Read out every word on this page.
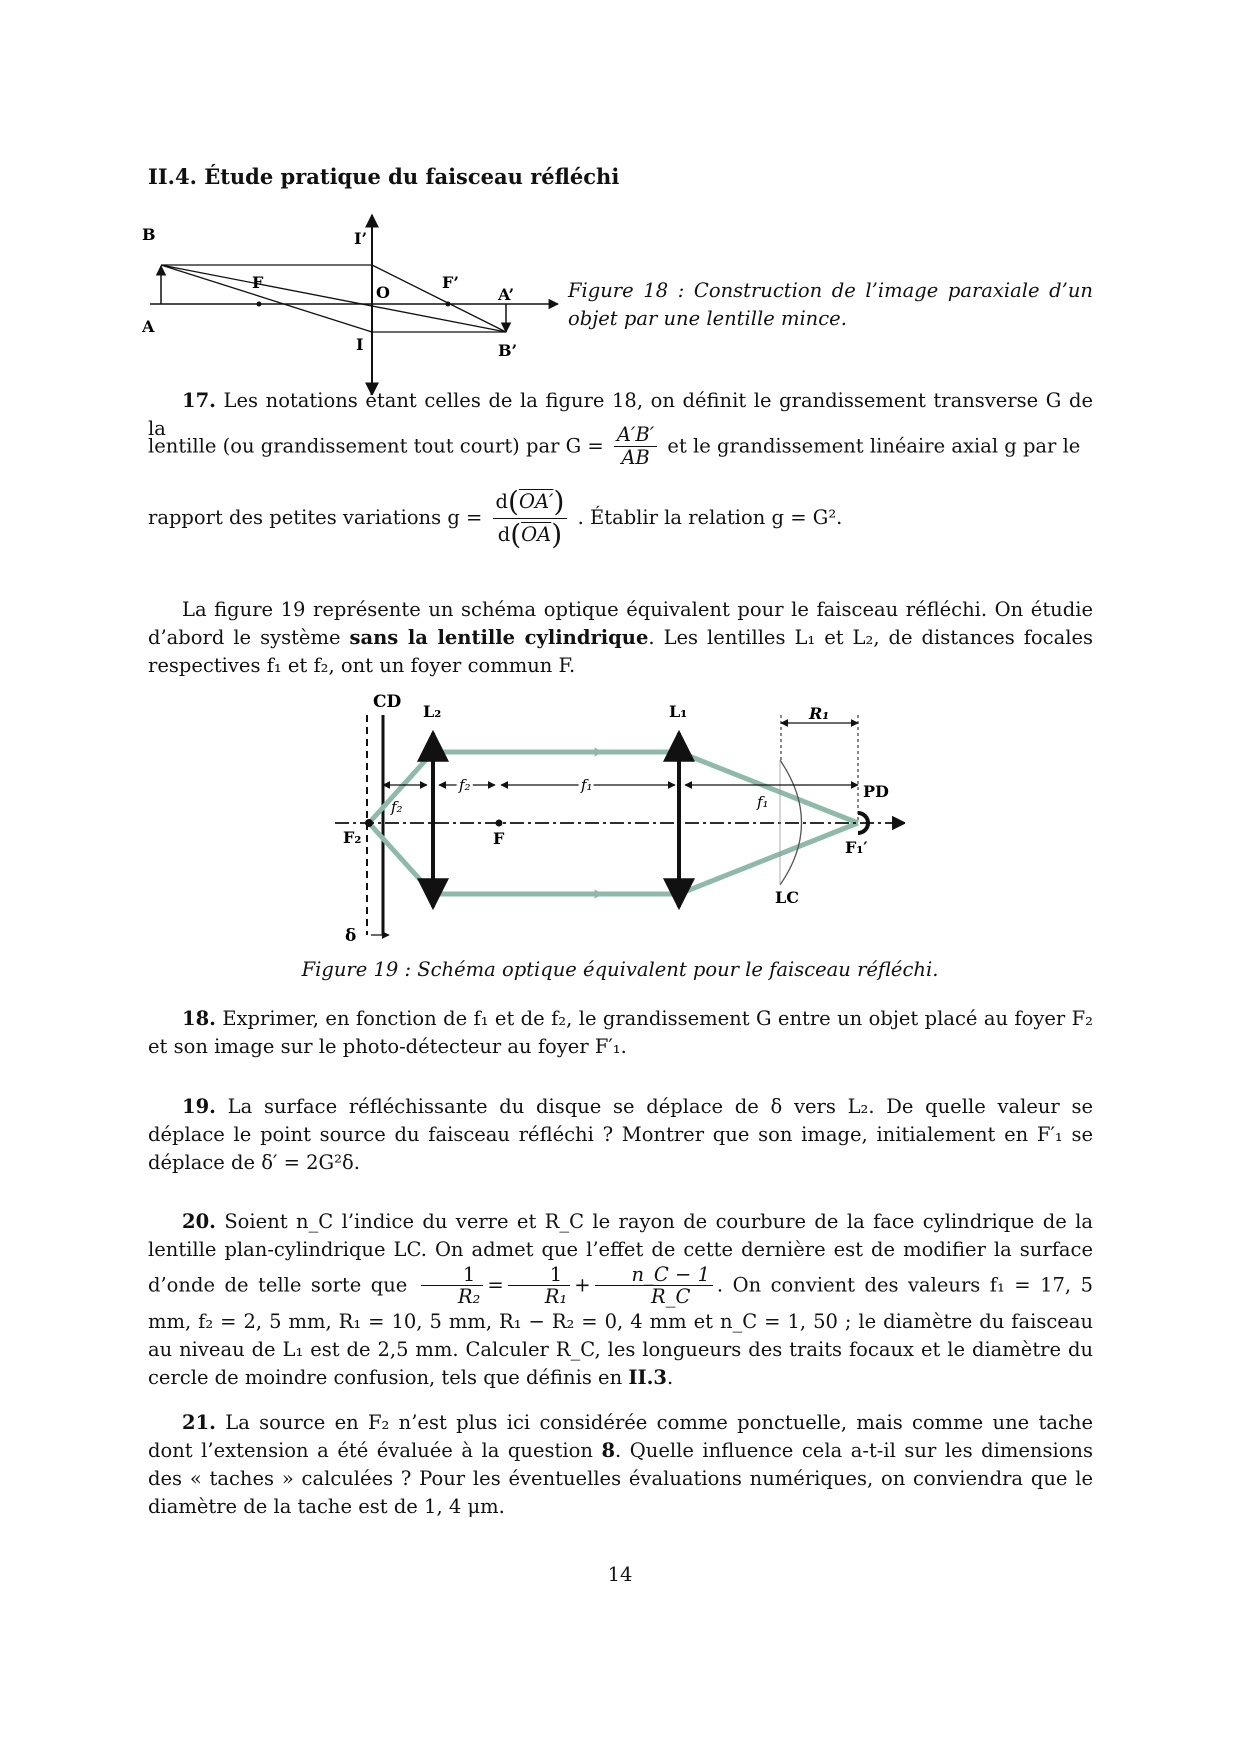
II.4. Étude pratique du faisceau réfléchi
B
A
I’
I
F
O
F’
A’
B’

Figure 18 : Construction de l’image paraxiale d’un objet par une lentille mince.

17. Les notations étant celles de la figure 18, on définit le grandissement transverse G de la

lentille (ou grandissement tout court) par $G = \frac{A'B'}{AB}$ et le grandissement linéaire axial g par le
rapport des petites variations $g = \frac{d(OA')}{d(\overline{OA})}$ . Établir la relation g = G².

La figure 19 représente un schéma optique équivalent pour le faisceau réfléchi. On étudie d’abord le système sans la lentille cylindrique. Les lentilles L₁ et L₂, de distances focales respectives f₁ et f₂, ont un foyer commun F.

CD L₂	L₁	R₁
PD
f₂	f₁
f₂	f₁
F₂	F	F₁′
LC
δ

Figure 19 : Schéma optique équivalent pour le faisceau réfléchi.

18. Exprimer, en fonction de f₁ et de f₂, le grandissement G entre un objet placé au foyer F₂ et son image sur le photo-détecteur au foyer F′₁.

19. La surface réfléchissante du disque se déplace de δ vers L₂. De quelle valeur se déplace le point source du faisceau réfléchi ? Montrer que son image, initialement en F′₁ se déplace de δ′ = 2G²δ.

20. Soient n_C l’indice du verre et R_C le rayon de courbure de la face cylindrique de la lentille plan-cylindrique LC. On admet que l’effet de cette dernière est de modifier la surface d’onde de telle sorte que $\frac{1}{\text{R₂}} = \frac{1}{\text{R₁}} + \frac{n\_C - 1}{R\_C}$ . On convient des valeurs f₁ = 17, 5 mm, f₂ = 2, 5 mm, R₁ = 10, 5 mm, R₁ − R₂ = 0, 4 mm et n_C = 1, 50 ; le diamètre du faisceau au niveau de L₁ est de 2,5 mm. Calculer R_C, les longueurs des traits focaux et le diamètre du cercle de moindre confusion, tels que définis en II.3.

21. La source en F₂ n’est plus ici considérée comme ponctuelle, mais comme une tache dont l’extension a été évaluée à la question 8. Quelle influence cela a-t-il sur les dimensions des « taches » calculées ? Pour les éventuelles évaluations numériques, on conviendra que le diamètre de la tache est de 1, 4 μm.

14
